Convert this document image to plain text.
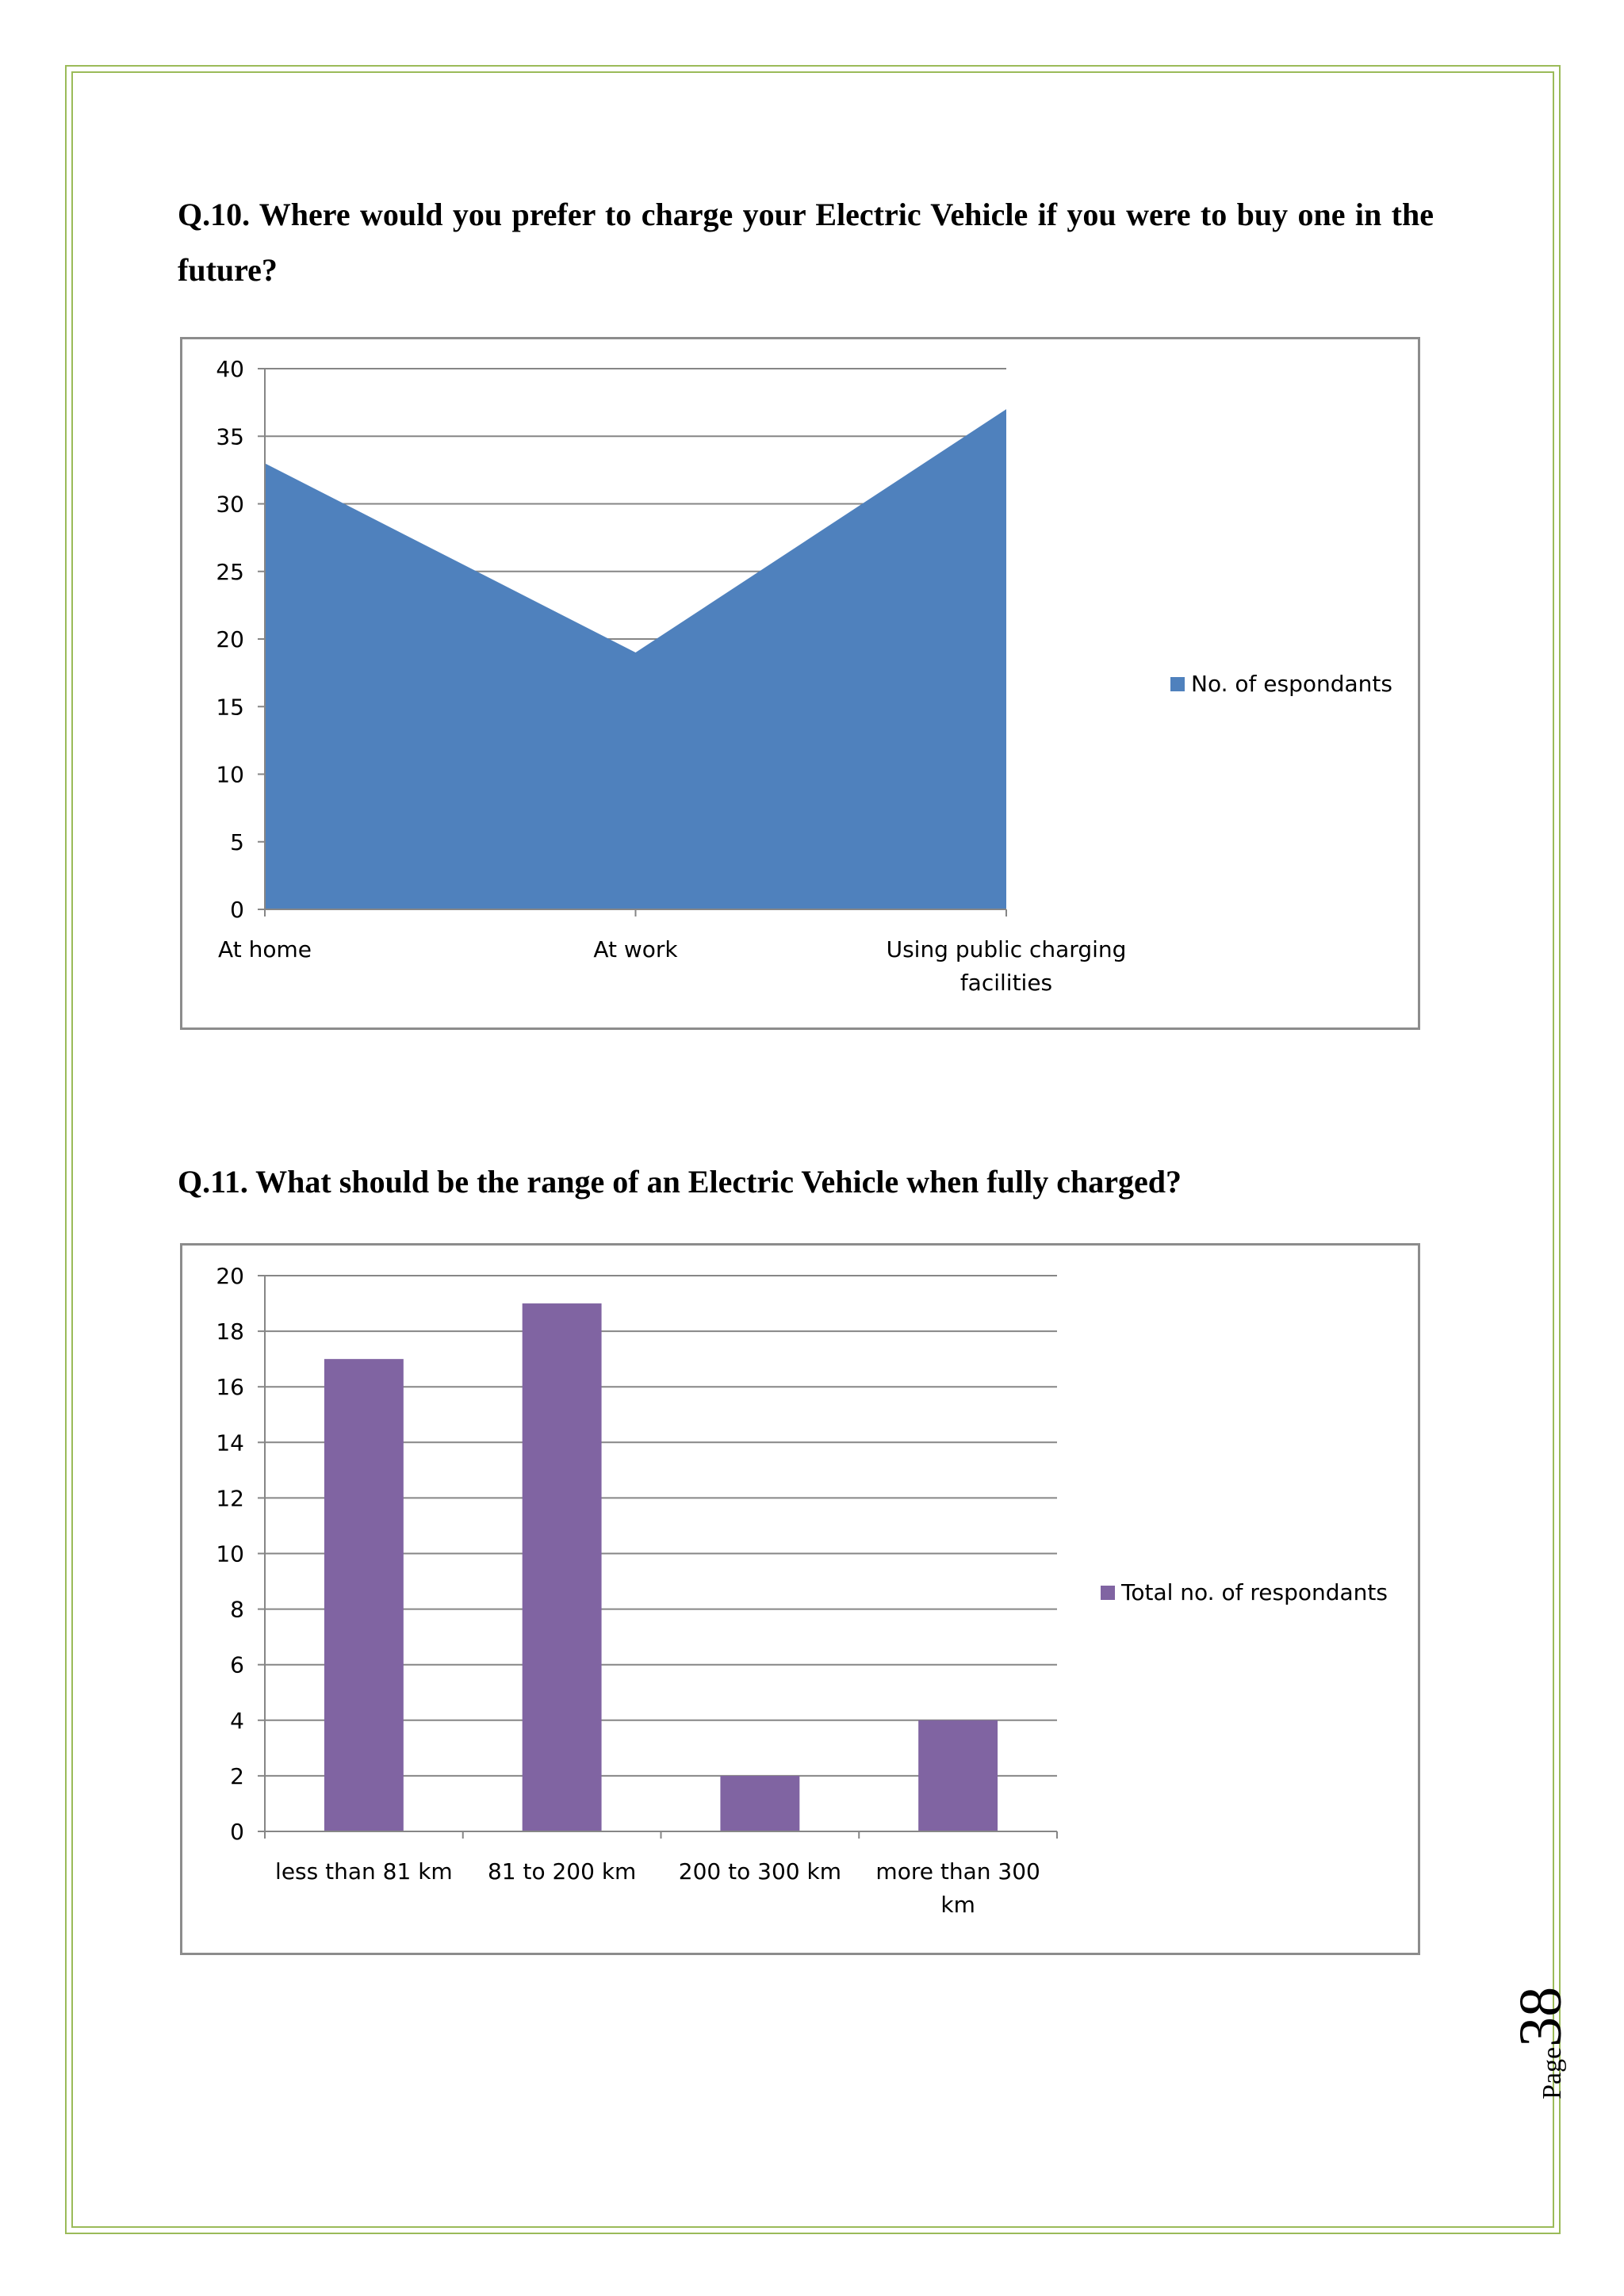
Q.10. Where would you prefer to charge your Electric Vehicle if you were to buy one in the future?

0
5
10
15
20
25
30
35
40
At home	At work	Using public charging
facilities
No. of espondants

Q.11. What should be the range of an Electric Vehicle when fully charged?

0
2
4
6
8
10
12
14
16
18
20
less than 81 km 81 to 200 km 200 to 300 km more than 300
km
Total no. of respondants
Page38
